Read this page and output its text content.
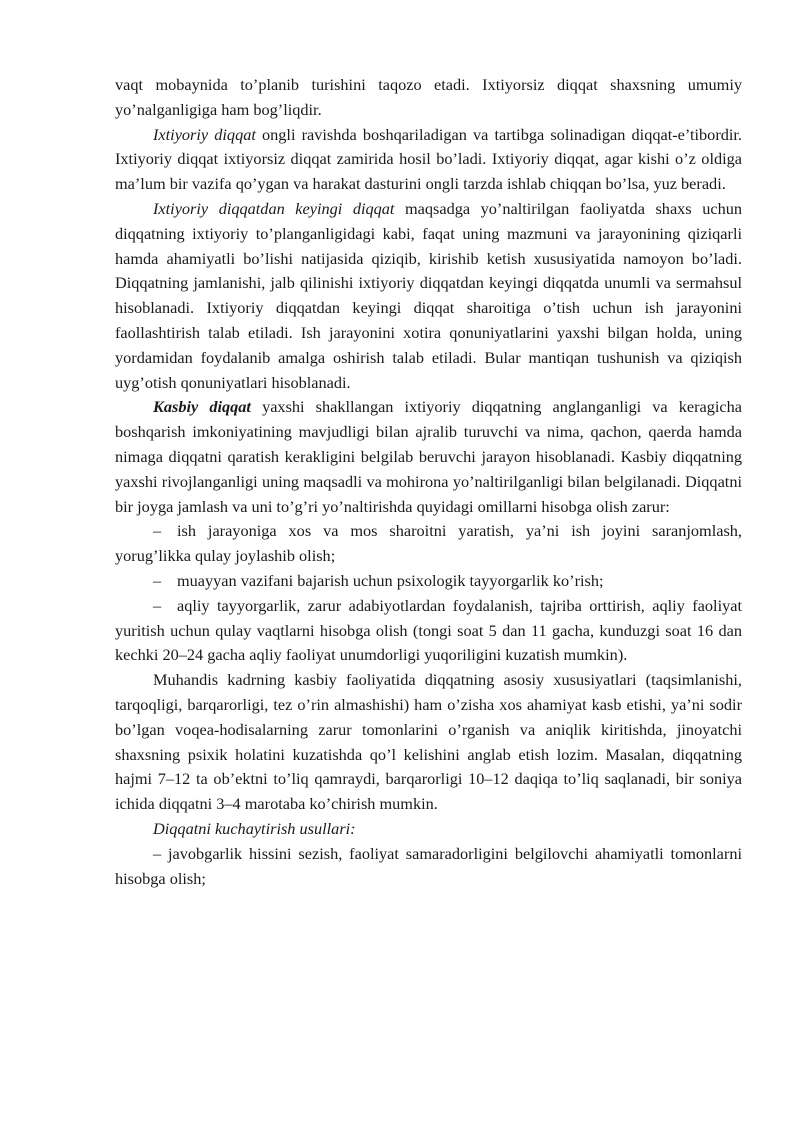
vaqt mobaynida to’planib turishini taqozo etadi. Ixtiyorsiz diqqat shaxsning umumiy yo’nalganligiga ham bog’liqdir.

Ixtiyoriy diqqat ongli ravishda boshqariladigan va tartibga solinadigan diqqat-e’tibordir. Ixtiyoriy diqqat ixtiyorsiz diqqat zamirida hosil bo’ladi. Ixtiyoriy diqqat, agar kishi o’z oldiga ma’lum bir vazifa qo’ygan va harakat dasturini ongli tarzda ishlab chiqqan bo’lsa, yuz beradi.

Ixtiyoriy diqqatdan keyingi diqqat maqsadga yo’naltirilgan faoliyatda shaxs uchun diqqatning ixtiyoriy to’planganligidagi kabi, faqat uning mazmuni va jarayonining qiziqarli hamda ahamiyatli bo’lishi natijasida qiziqib, kirishib ketish xususiyatida namoyon bo’ladi. Diqqatning jamlanishi, jalb qilinishi ixtiyoriy diqqatdan keyingi diqqatda unumli va sermahsul hisoblanadi. Ixtiyoriy diqqatdan keyingi diqqat sharoitiga o’tish uchun ish jarayonini faollashtirish talab etiladi. Ish jarayonini xotira qonuniyatlarini yaxshi bilgan holda, uning yordamidan foydalanib amalga oshirish talab etiladi. Bular mantiqan tushunish va qiziqish uyg’otish qonuniyatlari hisoblanadi.

Kasbiy diqqat yaxshi shakllangan ixtiyoriy diqqatning anglanganligi va keragicha boshqarish imkoniyatining mavjudligi bilan ajralib turuvchi va nima, qachon, qaerda hamda nimaga diqqatni qaratish kerakligini belgilab beruvchi jarayon hisoblanadi. Kasbiy diqqatning yaxshi rivojlanganligi uning maqsadli va mohirona yo’naltirilganligi bilan belgilanadi. Diqqatni bir joyga jamlash va uni to’g’ri yo’naltirishda quyidagi omillarni hisobga olish zarur:

– ish jarayoniga xos va mos sharoitni yaratish, ya’ni ish joyini saranjomlash, yorug’likka qulay joylashib olish;

– muayyan vazifani bajarish uchun psixologik tayyorgarlik ko’rish;

– aqliy tayyorgarlik, zarur adabiyotlardan foydalanish, tajriba orttirish, aqliy faoliyat yuritish uchun qulay vaqtlarni hisobga olish (tongi soat 5 dan 11 gacha, kunduzgi soat 16 dan kechki 20–24 gacha aqliy faoliyat unumdorligi yuqoriligini kuzatish mumkin).

Muhandis kadrning kasbiy faoliyatida diqqatning asosiy xususiyatlari (taqsimlanishi, tarqoqligi, barqarorligi, tez o’rin almashishi) ham o’zisha xos ahamiyat kasb etishi, ya’ni sodir bo’lgan voqea-hodisalarning zarur tomonlarini o’rganish va aniqlik kiritishda, jinoyatchi shaxsning psixik holatini kuzatishda qo’l kelishini anglab etish lozim. Masalan, diqqatning hajmi 7–12 ta ob’ektni to’liq qamraydi, barqarorligi 10–12 daqiqa to’liq saqlanadi, bir soniya ichida diqqatni 3–4 marotaba ko’chirish mumkin.

Diqqatni kuchaytirish usullari:

– javobgarlik hissini sezish, faoliyat samaradorligini belgilovchi ahamiyatli tomonlarni hisobga olish;
